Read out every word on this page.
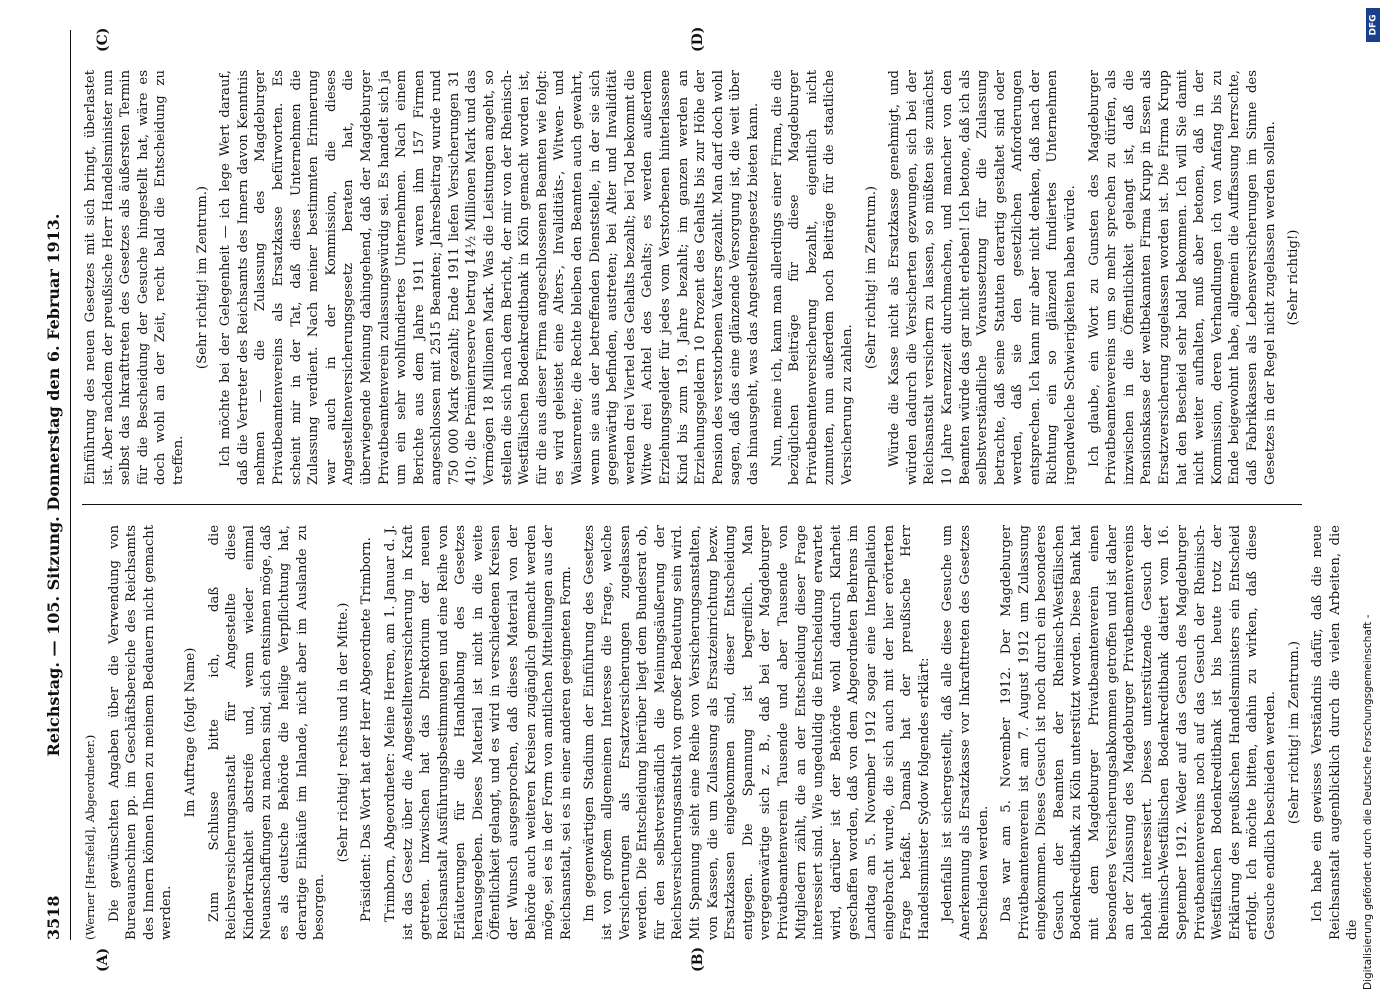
3518
Reichstag. — 105. Sitzung. Donnerstag den 6. Februar 1913.
(A)	(B)
(C)	(D)

(Werner [Hersfeld], Abgeordneter.) Die gewünschten Angaben über die Verwendung von Bureauanschinen pp. im Geschäftsbereiche des Reichsamts des Innern können Ihnen zu meinem Bedauern nicht gemacht werden.

Im Auftrage (folgt Name) Zum Schlusse bitte ich, daß die Reichsversicherungsanstalt für Angestellte diese Kinderkrankheit abstreife und, wenn wieder einmal Neuanschaffungen zu machen sind, sich entsinnen möge, daß es als deutsche Behörde die heilige Verpflichtung hat, derartige Einkäufe im Inlande, nicht aber im Auslande zu besorgen.

(Sehr richtig! rechts und in der Mitte.) Präsident: Das Wort hat der Herr Abgeordnete Trimborn. Trimborn, Abgeordneter: Meine Herren, am 1. Januar d. J. ist das Gesetz über die Angestelltenversicherung in Kraft getreten. Inzwischen hat das Direktorium der neuen Reichsanstalt Ausführungsbestimmungen und eine Reihe von Erläuterungen für die Handhabung des Gesetzes herausgegeben. Dieses Material ist nicht in die weite Öffentlichkeit gelangt, und es wird in verschiedenen Kreisen der Wunsch ausgesprochen, daß dieses Material von der Behörde auch weiteren Kreisen zugänglich gemacht werden möge, sei es in der Form von amtlichen Mitteilungen aus der Reichsanstalt, sei es in einer anderen geeigneten Form. Im gegenwärtigen Stadium der Einführung des Gesetzes ist von großem allgemeinen Interesse die Frage, welche Versicherungen als Ersatzversicherungen zugelassen werden. Die Entscheidung hierüber liegt dem Bundesrat ob, für den selbstverständlich die Meinungsäußerung der Reichsversicherungsanstalt von großer Bedeutung sein wird. Mit Spannung sieht eine Reihe von Versicherungsanstalten, von Kassen, die um Zulassung als Ersatzeinrichtung bezw. Ersatzkassen eingekommen sind, dieser Entscheidung entgegen. Die Spannung ist begreiflich. Man vergegenwärtige sich z. B., daß bei der Magdeburger Privatbeamtenverein Tausende und aber Tausende von Mitgliedern zählt, die an der Entscheidung dieser Frage interessiert sind. Wie ungeduldig die Entscheidung erwartet wird, darüber ist der Behörde wohl dadurch Klarheit geschaffen worden, daß von dem Abgeordneten Behrens im Landtag am 5. November 1912 sogar eine Interpellation eingebracht wurde, die sich auch mit der hier erörterten Frage befaßt. Damals hat der preußische Herr Handelsminister Sydow folgendes erklärt: Jedenfalls ist sichergestellt, daß alle diese Gesuche um Anerkennung als Ersatzkasse vor Inkrafttreten des Gesetzes beschieden werden. Das war am 5. November 1912. Der Magdeburger Privatbeamtenverein ist am 7. August 1912 um Zulassung eingekommen. Dieses Gesuch ist noch durch ein besonderes Gesuch der Beamten der Rheinisch-Westfälischen Bodenkreditbank zu Köln unterstützt worden. Diese Bank hat mit dem Magdeburger Privatbeamtenverein einen besonderes Versicherungsabkommen getroffen und ist daher an der Zulassung des Magdeburger Privatbeamtenvereins lebhaft interessiert. Dieses unterstützende Gesuch der Rheinisch-Westfälischen Bodenkreditbank datiert vom 16. September 1912. Weder auf das Gesuch des Magdeburger Privatbeamtenvereins noch auf das Gesuch der Rheinisch-Westfälischen Bodenkreditbank ist bis heute trotz der Erklärung des preußischen Handelsministers ein Entscheid erfolgt. Ich möchte bitten, dahin zu wirken, daß diese Gesuche endlich beschieden werden. (Sehr richtig! im Zentrum.) Ich habe ein gewisses Verständnis dafür, daß die neue Reichsanstalt augenblicklich durch die vielen Arbeiten, die die

Einführung des neuen Gesetzes mit sich bringt, überlastet ist. Aber nachdem der preußische Herr Handelsminister nun selbst das Inkrafttreten des Gesetzes als äußersten Termin für die Bescheidung der Gesuche hingestellt hat, wäre es doch wohl an der Zeit, recht bald die Entscheidung zu treffen.

(Sehr richtig! im Zentrum.) Ich möchte bei der Gelegenheit — ich lege Wert darauf, daß die Vertreter des Reichsamts des Innern davon Kenntnis nehmen — die Zulassung des Magdeburger Privatbeamtenvereins als Ersatzkasse befürworten. Es scheint mir in der Tat, daß dieses Unternehmen die Zulassung verdient. Nach meiner bestimmten Erinnerung war auch in der Kommission, die dieses Angestelltenversicherungsgesetz beraten hat, die überwiegende Meinung dahingehend, daß der Magdeburger Privatbeamtenverein zulassungswürdig sei. Es handelt sich ja um ein sehr wohlfundiertes Unternehmen. Nach einem Berichte aus dem Jahre 1911 waren ihm 157 Firmen angeschlossen mit 2515 Beamten; Jahresbeitrag wurde rund 750 000 Mark gezahlt; Ende 1911 liefen Versicherungen 31 410; die Prämienreserve betrug 14½ Millionen Mark und das Vermögen 18 Millionen Mark. Was die Leistungen angeht, so stellen die sich nach dem Bericht, der mir von der Rheinisch-Westfälischen Bodenkreditbank in Köln gemacht worden ist, für die aus dieser Firma angeschlossenen Beamten wie folgt: es wird geleistet eine Alters-, Invaliditäts-, Witwen- und Waisenrente; die Rechte bleiben den Beamten auch gewahrt, wenn sie aus der betreffenden Dienststelle, in der sie sich gegenwärtig befinden, austreten; bei Alter und Invalidität werden drei Viertel des Gehalts bezahlt; bei Tod bekommt die Witwe drei Achtel des Gehalts; es werden außerdem Erziehungsgelder für jedes vom Verstorbenen hinterlassene Kind bis zum 19. Jahre bezahlt; im ganzen werden an Erziehungsgeldern 10 Prozent des Gehalts bis zur Höhe der Pension des verstorbenen Vaters gezahlt. Man darf doch wohl sagen, daß das eine glänzende Versorgung ist, die weit über das hinausgeht, was das Angestelltengesetz bieten kann. Nun, meine ich, kann man allerdings einer Firma, die die bezüglichen Beiträge für diese Magdeburger Privatbeamtenversicherung bezahlt, eigentlich nicht zumuten, nun außerdem noch Beiträge für die staatliche Versicherung zu zahlen.

(Sehr richtig! im Zentrum.) Würde die Kasse nicht als Ersatzkasse genehmigt, und würden dadurch die Versicherten gezwungen, sich bei der Reichsanstalt versichern zu lassen, so müßten sie zunächst 10 Jahre Karenzzeit durchmachen, und mancher von den Beamten würde das gar nicht erleben! Ich betone, daß ich als selbstverständliche Voraussetzung für die Zulassung betrachte, daß seine Statuten derartig gestaltet sind oder werden, daß sie den gesetzlichen Anforderungen entsprechen. Ich kann mir aber nicht denken, daß nach der Richtung ein so glänzend fundiertes Unternehmen irgendwelche Schwierigkeiten haben würde. Ich glaube, ein Wort zu Gunsten des Magdeburger Privatbeamtenvereins um so mehr sprechen zu dürfen, als inzwischen in die Öffentlichkeit gelangt ist, daß die Pensionskasse der weltbekannten Firma Krupp in Essen als Ersatzversicherung zugelassen worden ist. Die Firma Krupp hat den Bescheid sehr bald bekommen. Ich will Sie damit nicht weiter aufhalten, muß aber betonen, daß in der Kommission, deren Verhandlungen ich von Anfang bis zu Ende beigewohnt habe, allgemein die Auffassung herrschte, daß Fabrikkassen als Lebensversicherungen im Sinne des Gesetzes in der Regel nicht zugelassen werden sollen. (Sehr richtig!)

DFG
Digitalisierung gefördert durch die Deutsche Forschungsgemeinschaft -
